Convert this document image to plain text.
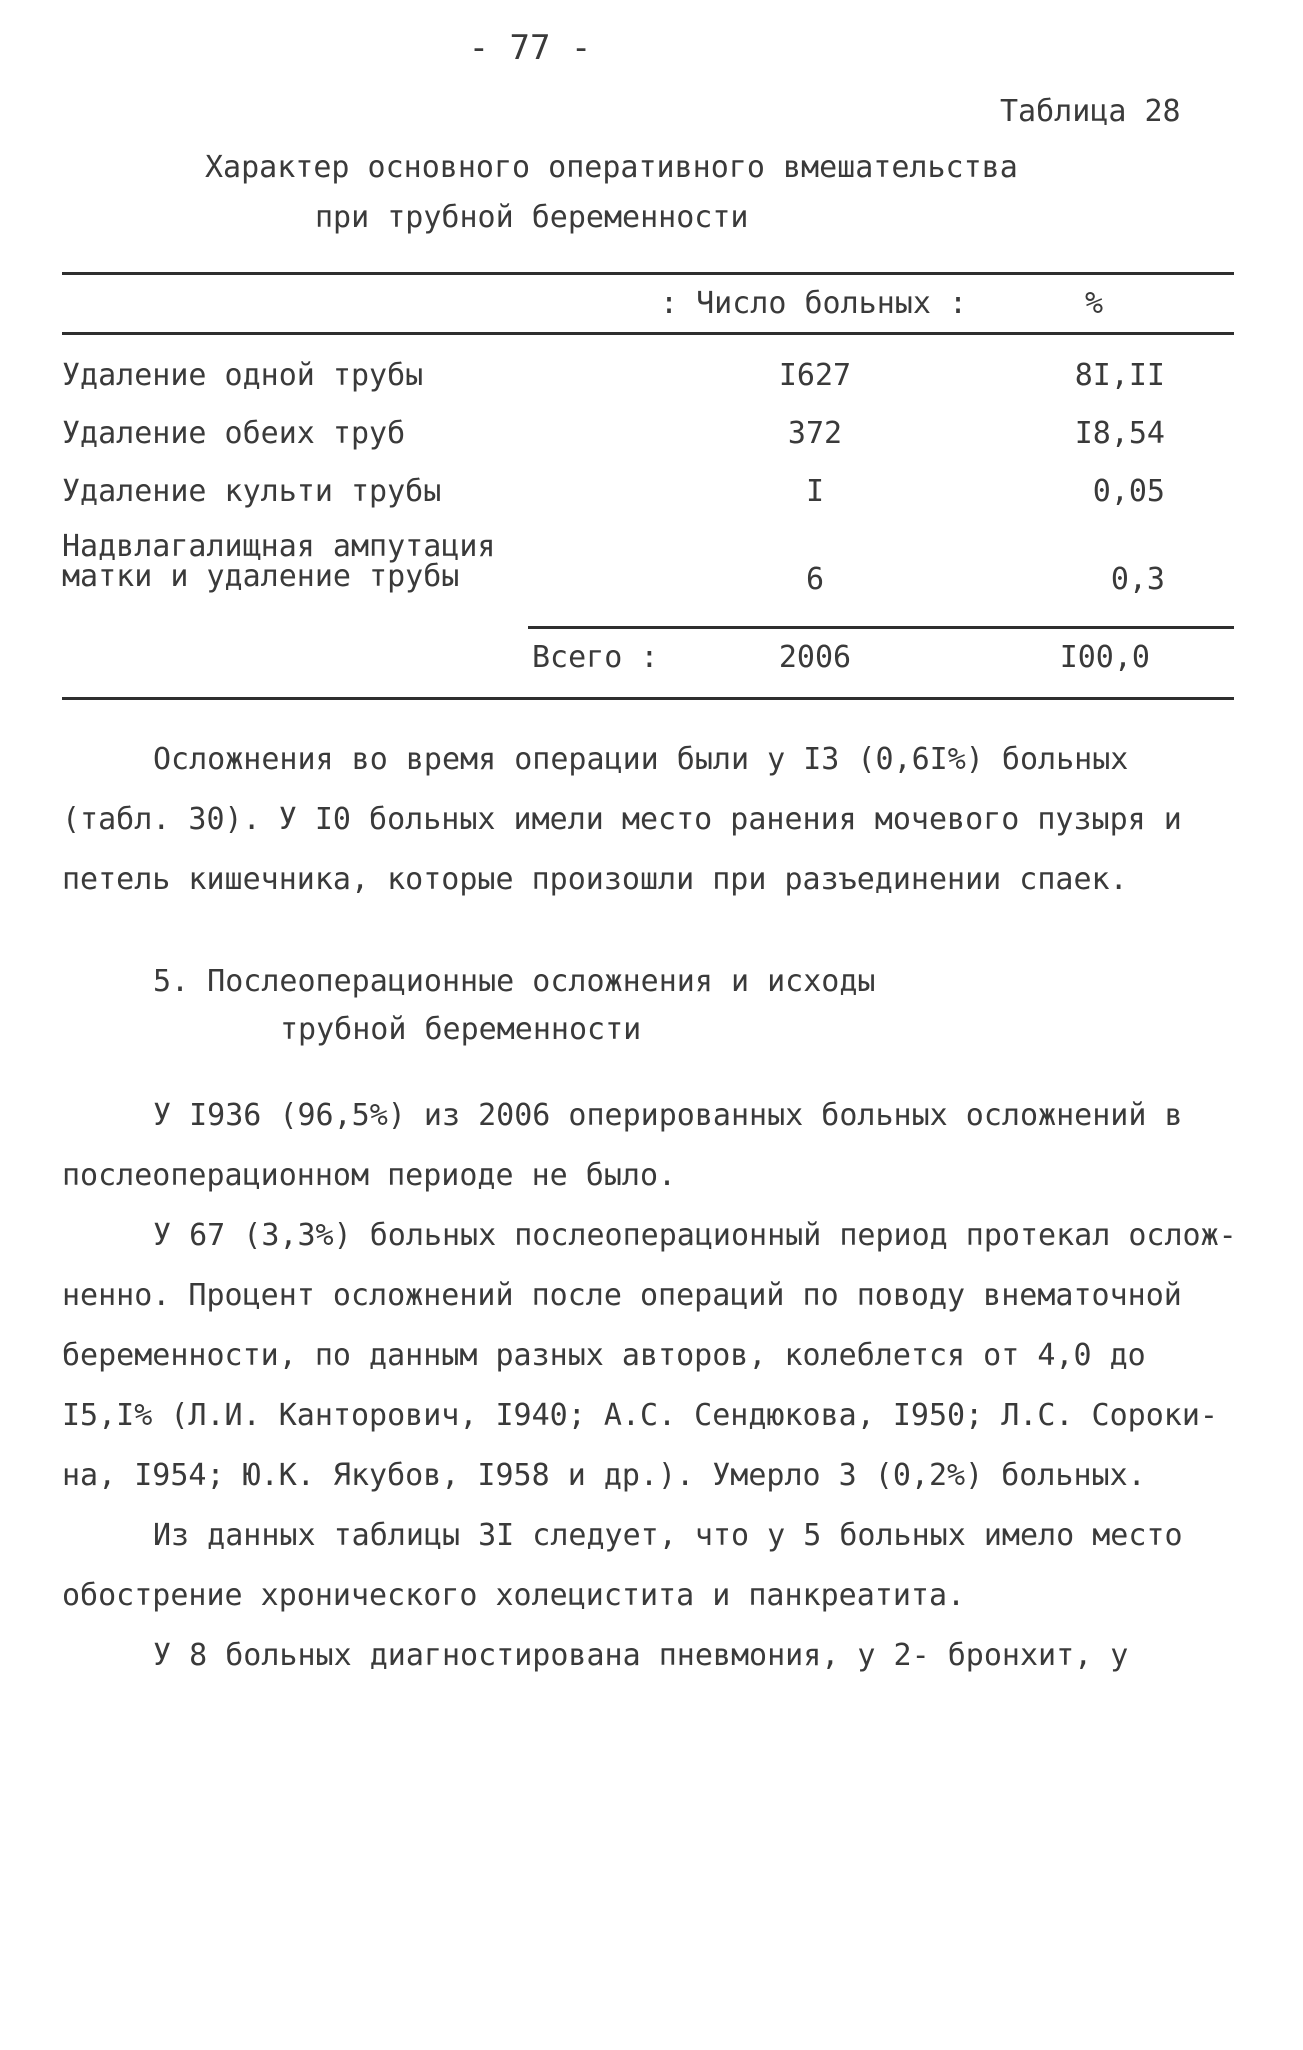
- 77 -
Таблица 28
Характер основного оперативного вмешательства
при трубной беременности
: Число больных :	%
Удаление одной трубы	I627	8I,II
Удаление обеих труб	372	I8,54
Удаление культи трубы	I	0,05
Надвлагалищная ампутация
матки и удаление трубы	6	0,3
Всего :	2006	I00,0
Осложнения во время операции были у I3 (0,6I%) больных
(табл. 30). У I0 больных имели место ранения мочевого пузыря и
петель кишечника, которые произошли при разъединении спаек.
5. Послеоперационные осложнения и исходы
трубной беременности
У I936 (96,5%) из 2006 оперированных больных осложнений в
послеоперационном периоде не было.
У 67 (3,3%) больных послеоперационный период протекал ослож-
ненно. Процент осложнений после операций по поводу внематочной
беременности, по данным разных авторов, колеблется от 4,0 до
I5,I% (Л.И. Канторович, I940; А.С. Сендюкова, I950; Л.С. Сороки-
на, I954; Ю.К. Якубов, I958 и др.). Умерло 3 (0,2%) больных.
Из данных таблицы 3I следует, что у 5 больных имело место
обострение хронического холецистита и панкреатита.
У 8 больных диагностирована пневмония, у 2- бронхит, у
